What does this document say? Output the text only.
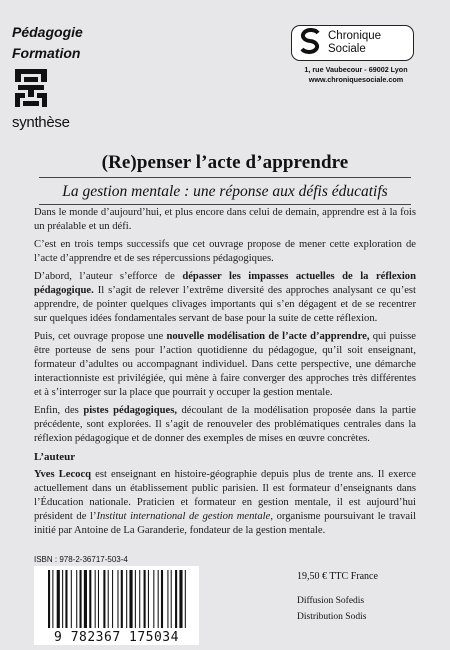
Pédagogie
Formation
synthèse
Chronique
Sociale
1, rue Vaubecour - 69002 Lyon
www.chroniquesociale.com
(Re)penser l’acte d’apprendre
La gestion mentale : une réponse aux défis éducatifs

Dans le monde d’aujourd’hui, et plus encore dans celui de demain, apprendre est à la fois un préalable et un défi.

C’est en trois temps successifs que cet ouvrage propose de mener cette exploration de l’acte d’apprendre et de ses répercussions pédagogiques.

D’abord, l’auteur s’efforce de dépasser les impasses actuelles de la réflexion pédagogique. Il s’agit de relever l’extrême diversité des approches analysant ce qu’est apprendre, de pointer quelques clivages importants qui s’en dégagent et de se recentrer sur quelques idées fondamentales servant de base pour la suite de cette réflexion.

Puis, cet ouvrage propose une nouvelle modélisation de l’acte d’apprendre, qui puisse être porteuse de sens pour l’action quotidienne du pédagogue, qu’il soit enseignant, formateur d’adultes ou accompagnant individuel. Dans cette perspective, une démarche interactionniste est privilégiée, qui mène à faire converger des approches très différentes et à s’interroger sur la place que pourrait y occuper la gestion mentale.

Enfin, des pistes pédagogiques, découlant de la modélisation proposée dans la partie précédente, sont explorées. Il s’agit de renouveler des problématiques centrales dans la réflexion pédagogique et de donner des exemples de mises en œuvre concrètes.

L’auteur

Yves Lecocq est enseignant en histoire-géographie depuis plus de trente ans. Il exerce actuellement dans un établissement public parisien. Il est formateur d’enseignants dans l’Éducation nationale. Praticien et formateur en gestion mentale, il est aujourd’hui président de l’Institut international de gestion mentale, organisme poursuivant le travail initié par Antoine de La Garanderie, fondateur de la gestion mentale.

ISBN : 978-2-36717-503-4
9 782367 175034
19,50 € TTC France
Diffusion Sofedis
Distribution Sodis
